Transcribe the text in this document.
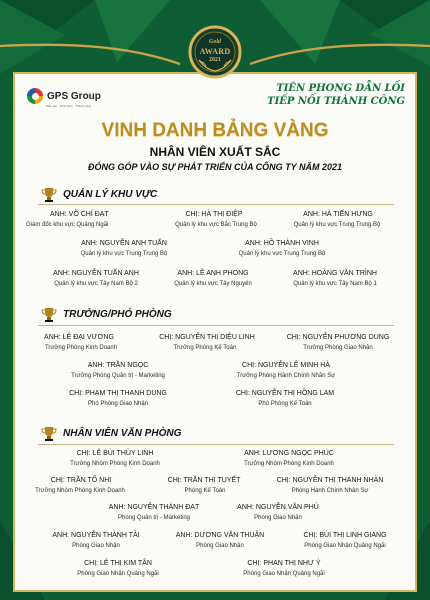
Gold
AWARD
2021
GPS Group
Kiến tạo · Phát triển · Thành công
TIÊN PHONG DẪN LỐI
TIẾP NỐI THÀNH CÔNG
VINH DANH BẢNG VÀNG
NHÂN VIÊN XUẤT SẮC
ĐÓNG GÓP VÀO SỰ PHÁT TRIỂN CỦA CÔNG TY NĂM 2021
QUẢN LÝ KHU VỰC
ANH: VÕ CHÍ ĐẠT
Giám đốc khu vực Quảng Ngãi
CHỊ: HÀ THỊ ĐIỆP
Quản lý khu vực Bắc Trung Bộ
ANH: HÀ TIẾN HƯNG
Quản lý khu vực Trung Trung Bộ
ANH: NGUYỄN ANH TUẤN
Quản lý khu vực Trung Trung Bộ
ANH: HỒ THÀNH VINH
Quản lý khu vực Trung Trung Bộ
ANH: NGUYỄN TUẤN ANH
Quản lý khu vực Tây Nam Bộ 2
ANH: LÊ ANH PHONG
Quản lý khu vực Tây Nguyên
ANH: HOÀNG VĂN TRÌNH
Quản lý khu vực Tây Nam Bộ 1
TRƯỞNG/PHÓ PHÒNG
ANH: LÊ ĐẠI VƯƠNG
Trưởng Phòng Kinh Doanh
CHỊ: NGUYỄN THỊ DIỆU LINH
Trưởng Phòng Kế Toán
CHỊ: NGUYỄN PHƯƠNG DUNG
Trưởng Phòng Giao Nhận
ANH: TRẦN NGỌC
Trưởng Phòng Quản trị - Marketing
CHỊ: NGUYỄN LÊ MINH HÀ
Trưởng Phòng Hành Chính Nhân Sự
CHỊ: PHẠM THỊ THANH DUNG
Phó Phòng Giao Nhận
CHỊ: NGUYỄN THỊ HỒNG LAM
Phó Phòng Kế Toán
NHÂN VIÊN VĂN PHÒNG
CHỊ: LÊ BÙI THÙY LINH
Trưởng Nhóm Phòng Kinh Doanh
ANH: LƯƠNG NGỌC PHÚC
Trưởng Nhóm Phòng Kinh Doanh
CHỊ: TRẦN TỐ NHI
Trưởng Nhóm Phòng Kinh Doanh
CHỊ: TRẦN THỊ TUYẾT
Phòng Kế Toán
CHỊ: NGUYỄN THỊ THANH NHÀN
Phòng Hành Chính Nhân Sự
ANH: NGUYỄN THÀNH ĐẠT
Phòng Quản trị - Marketing
ANH: NGUYỄN VĂN PHÚ
Phòng Giao Nhận
ANH: NGUYỄN THÀNH TÀI
Phòng Giao Nhận
ANH: DƯƠNG VĂN THUẬN
Phòng Giao Nhận
CHỊ: BÙI THỊ LINH GIANG
Phòng Giao Nhận Quảng Ngãi
CHỊ: LÊ THỊ KIM TÂN
Phòng Giao Nhận Quảng Ngãi
CHỊ: PHAN THỊ NHƯ Ý
Phòng Giao Nhận Quảng Ngãi
